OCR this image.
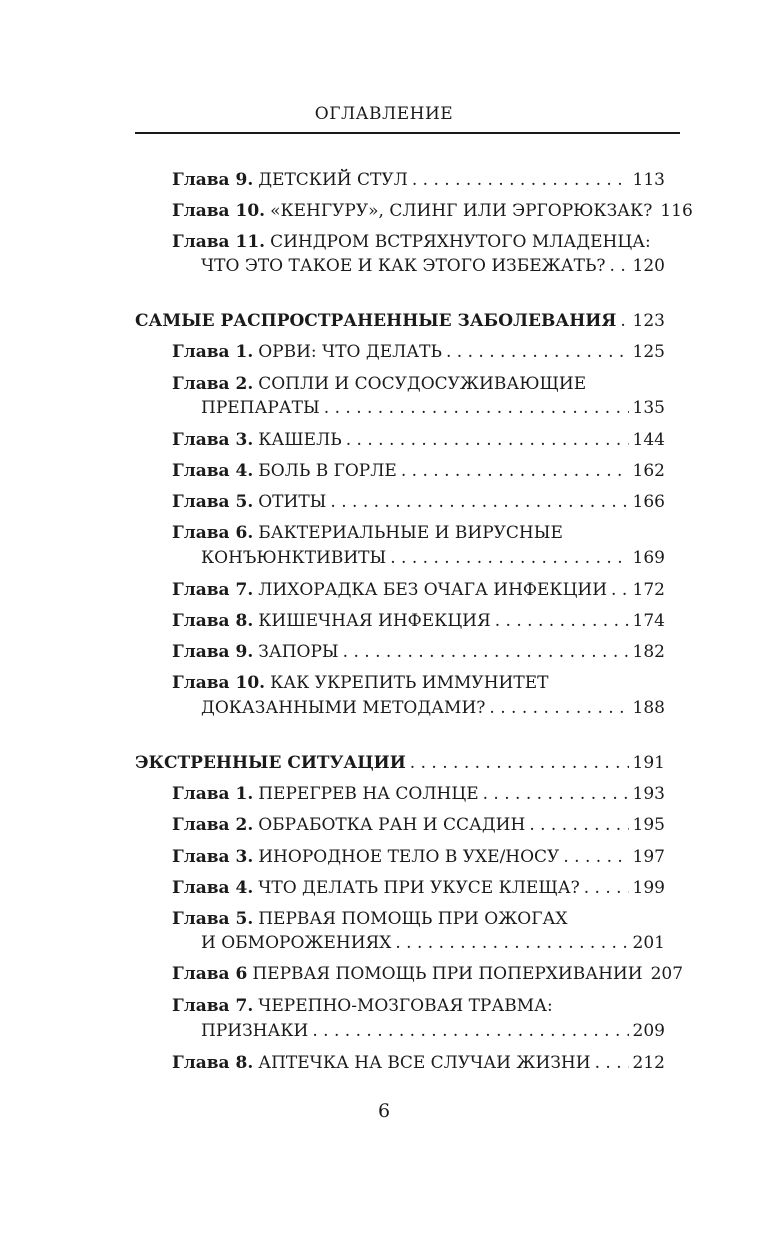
ОГЛАВЛЕНИЕ
Глава 9. ДЕТСКИЙ СТУЛ . . .	113
Глава 10. «КЕНГУРУ», СЛИНГ ИЛИ ЭРГОРЮКЗАК? 116
Глава 11. СИНДРОМ ВСТРЯХНУТОГО МЛАДЕНЦА:
ЧТО ЭТО ТАКОЕ И КАК ЭТОГО ИЗБЕЖАТЬ? . . . 120
САМЫЕ РАСПРОСТРАНЕННЫЕ ЗАБОЛЕВАНИЯ . . . 123
Глава 1. ОРВИ: ЧТО ДЕЛАТЬ . . .	125
Глава 2. СОПЛИ И СОСУДОСУЖИВАЮЩИЕ
ПРЕПАРАТЫ . . .	135
Глава 3. КАШЕЛЬ . . .	144
Глава 4. БОЛЬ В ГОРЛЕ . . .	162
Глава 5. ОТИТЫ . . .	166
Глава 6. БАКТЕРИАЛЬНЫЕ И ВИРУСНЫЕ
КОНЪЮНКТИВИТЫ . . .	169
Глава 7. ЛИХОРАДКА БЕЗ ОЧАГА ИНФЕКЦИИ . . . 172
Глава 8. КИШЕЧНАЯ ИНФЕКЦИЯ . . .	174
Глава 9. ЗАПОРЫ . . .	182
Глава 10. КАК УКРЕПИТЬ ИММУНИТЕТ
ДОКАЗАННЫМИ МЕТОДАМИ? . . .	188
ЭКСТРЕННЫЕ СИТУАЦИИ . . .	191
Глава 1. ПЕРЕГРЕВ НА СОЛНЦЕ . . .	193
Глава 2. ОБРАБОТКА РАН И ССАДИН . . .	195
Глава 3. ИНОРОДНОЕ ТЕЛО В УХЕ/НОСУ . . .	197
Глава 4. ЧТО ДЕЛАТЬ ПРИ УКУСЕ КЛЕЩА? . . .	199
Глава 5. ПЕРВАЯ ПОМОЩЬ ПРИ ОЖОГАХ
И ОБМОРОЖЕНИЯХ . . .	201
Глава 6 ПЕРВАЯ ПОМОЩЬ ПРИ ПОПЕРХИВАНИИ 207
Глава 7. ЧЕРЕПНО-МОЗГОВАЯ ТРАВМА:
ПРИЗНАКИ . . .	209
Глава 8. АПТЕЧКА НА ВСЕ СЛУЧАИ ЖИЗНИ . . . 212
6
